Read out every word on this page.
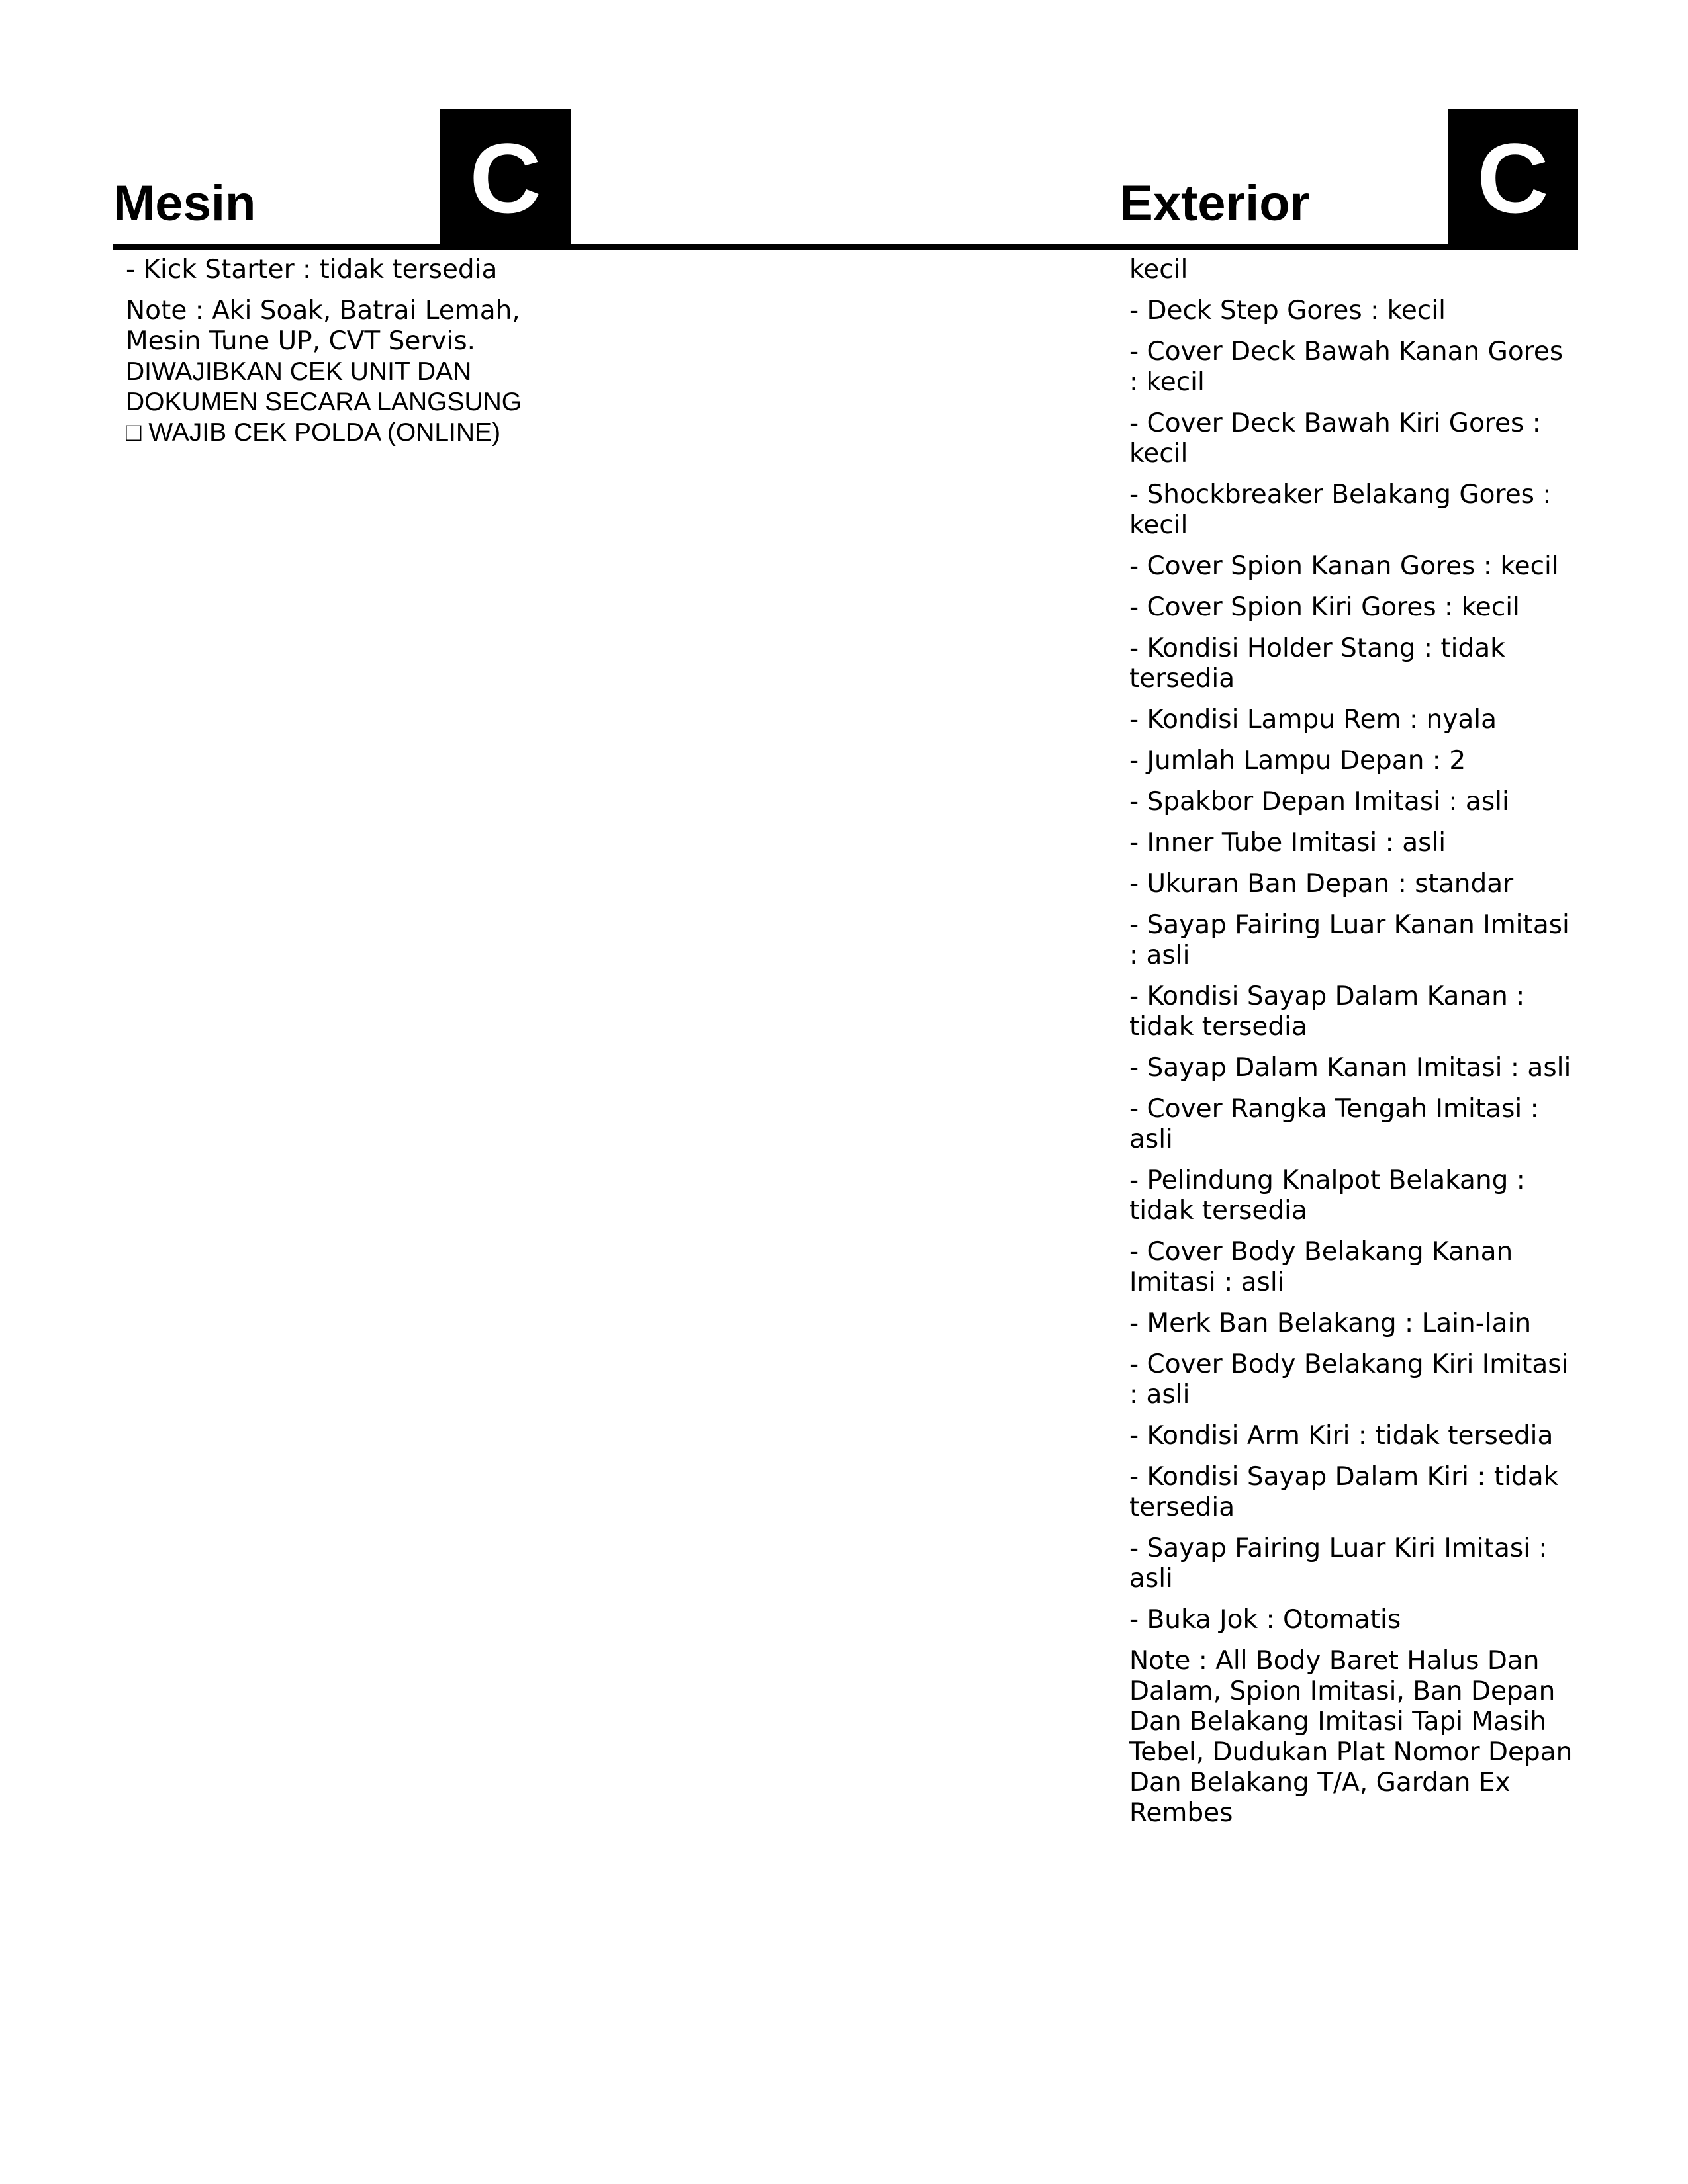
Mesin C	Exterior C
- Kick Starter : tidak tersedia
Note : Aki Soak, Batrai Lemah, Mesin Tune UP, CVT Servis.
DIWAJIBKAN CEK UNIT DAN
DOKUMEN SECARA LANGSUNG
□ WAJIB CEK POLDA (ONLINE)
kecil
- Deck Step Gores : kecil
- Cover Deck Bawah Kanan Gores : kecil
- Cover Deck Bawah Kiri Gores : kecil
- Shockbreaker Belakang Gores : kecil
- Cover Spion Kanan Gores : kecil
- Cover Spion Kiri Gores : kecil
- Kondisi Holder Stang : tidak tersedia
- Kondisi Lampu Rem : nyala
- Jumlah Lampu Depan : 2
- Spakbor Depan Imitasi : asli
- Inner Tube Imitasi : asli
- Ukuran Ban Depan : standar
- Sayap Fairing Luar Kanan Imitasi : asli
- Kondisi Sayap Dalam Kanan : tidak tersedia
- Sayap Dalam Kanan Imitasi : asli
- Cover Rangka Tengah Imitasi : asli
- Pelindung Knalpot Belakang : tidak tersedia
- Cover Body Belakang Kanan Imitasi : asli
- Merk Ban Belakang : Lain-lain
- Cover Body Belakang Kiri Imitasi : asli
- Kondisi Arm Kiri : tidak tersedia
- Kondisi Sayap Dalam Kiri : tidak tersedia
- Sayap Fairing Luar Kiri Imitasi : asli
- Buka Jok : Otomatis
Note : All Body Baret Halus Dan Dalam, Spion Imitasi, Ban Depan Dan Belakang Imitasi Tapi Masih Tebel, Dudukan Plat Nomor Depan Dan Belakang T/A, Gardan Ex Rembes
